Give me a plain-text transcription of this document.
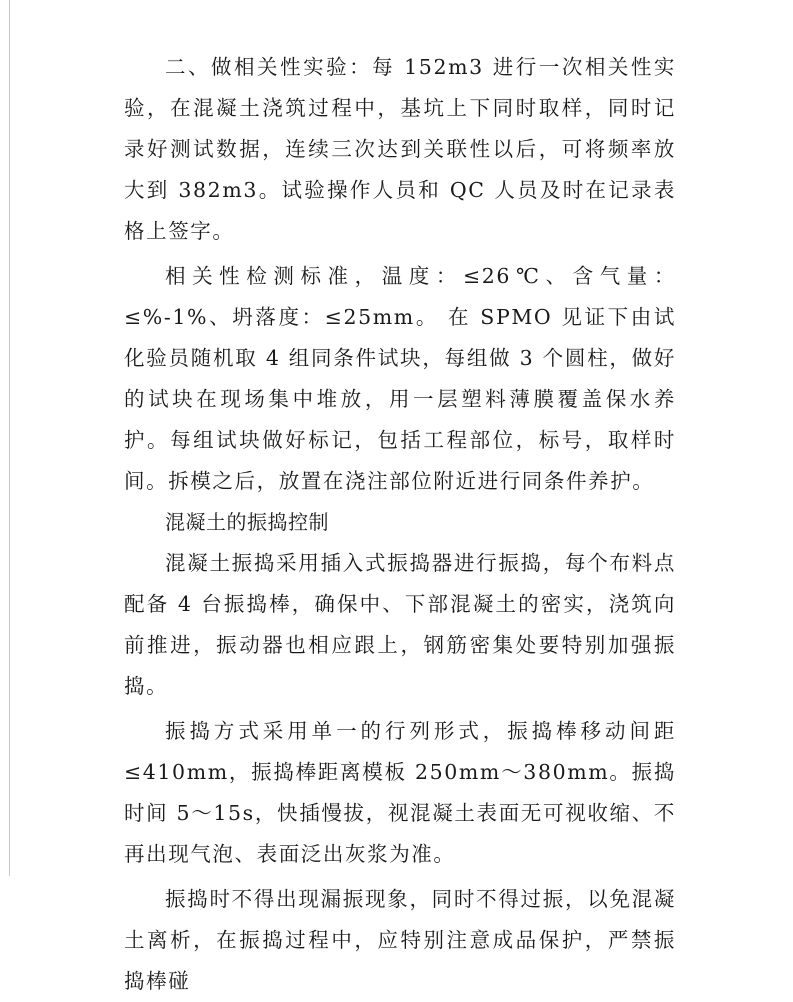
二、做相关性实验：每 152m3 进行一次相关性实验，在混凝土浇筑过程中，基坑上下同时取样，同时记录好测试数据，连续三次达到关联性以后，可将频率放大到 382m3。试验操作人员和 QC 人员及时在记录表格上签字。

相关性检测标准，温度：≤26℃、含气量：≤%-1%、坍落度：≤25mm。 在 SPMO 见证下由试化验员随机取 4 组同条件试块，每组做 3 个圆柱，做好的试块在现场集中堆放，用一层塑料薄膜覆盖保水养护。每组试块做好标记，包括工程部位，标号，取样时间。拆模之后，放置在浇注部位附近进行同条件养护。

混凝土的振捣控制

混凝土振捣采用插入式振捣器进行振捣，每个布料点配备 4 台振捣棒，确保中、下部混凝土的密实，浇筑向前推进，振动器也相应跟上，钢筋密集处要特别加强振捣。

振捣方式采用单一的行列形式，振捣棒移动间距≤410mm，振捣棒距离模板 250mm～380mm。振捣时间 5～15s，快插慢拔，视混凝土表面无可视收缩、不再出现气泡、表面泛出灰浆为准。

振捣时不得出现漏振现象，同时不得过振，以免混凝土离析，在振捣过程中，应特别注意成品保护，严禁振捣棒碰
